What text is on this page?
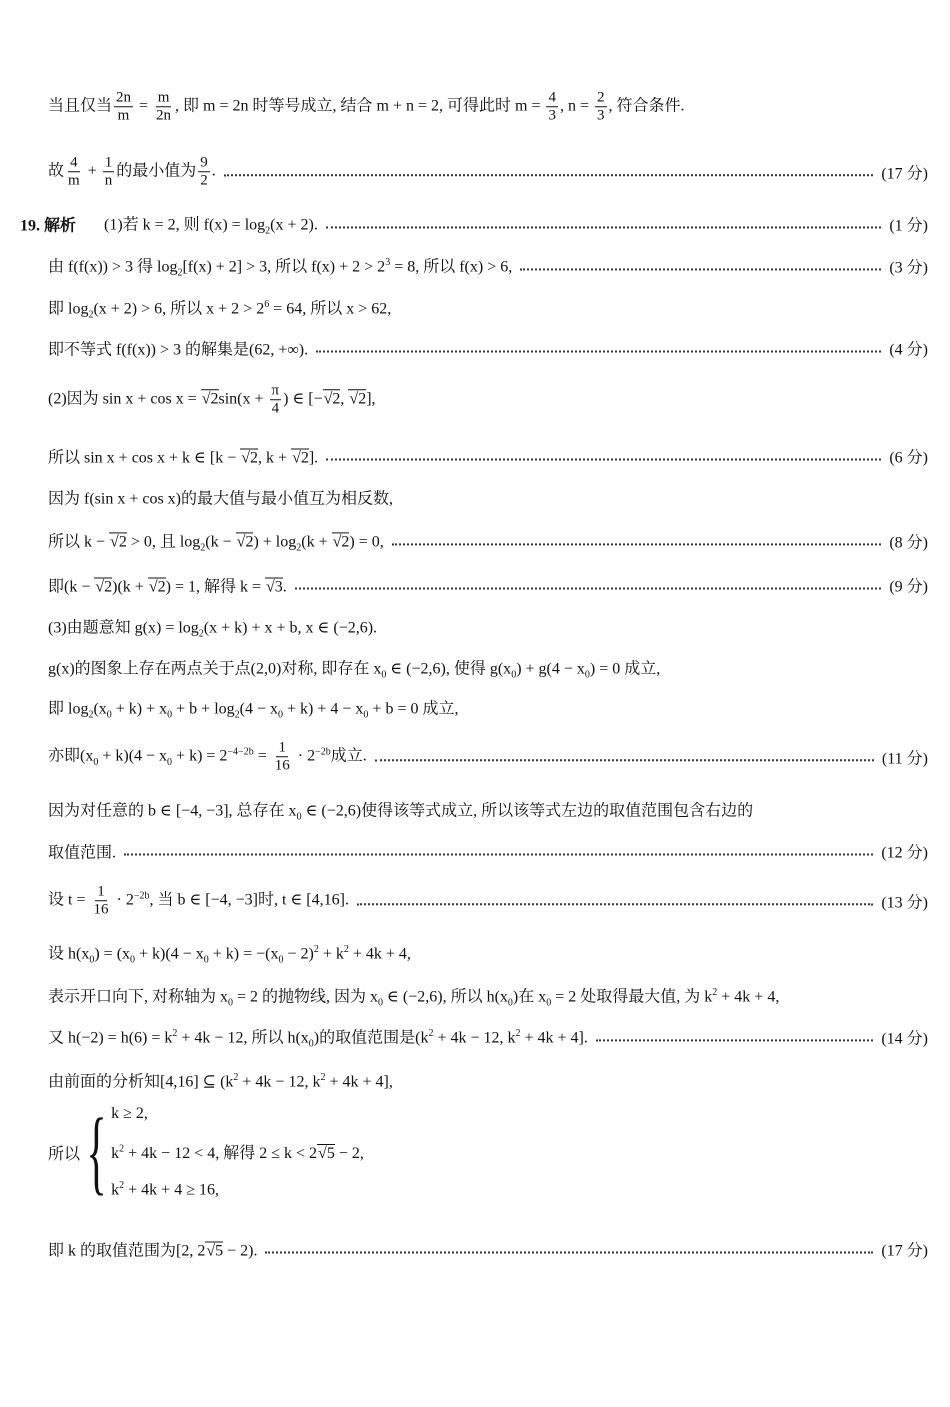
当且仅当 $\frac{2n}{m} = \frac{m}{2n}$ , 即 m = 2n 时等号成立, 结合 m + n = 2, 可得此时 $m = \frac{4}{3}$ , $n = \frac{2}{3}$ , 符合条件.
故 $\frac{4}{m} + \frac{1}{n}$ 的最小值为 $\frac{9}{2}$ .	(17 分)
19. 解析 (1)若 k = 2, 则 $f(x) = \log_2(x + 2)$.	(1 分)
由 f(f(x)) > 3 得 $\log_2[f(x) + 2] > 3$, 所以 $f(x) + 2 > 2^3 = 8$, 所以 f(x) > 6,	(3 分)
即 $\log_2(x + 2) > 6$, 所以 $x + 2 > 2^6 = 64$, 所以 x > 62,
即不等式 f(f(x)) > 3 的解集是(62, +∞).	(4 分)
(2)因为 sin x + cos x = √ $2\sin(x + \frac{\pi}{4}$ ) ∈ [− √ 2, √ 2],
所以 sin x + cos x + k ∈ [k − √ 2, k + √ 2].	(6 分)
因为 f(sin x + cos x)的最大值与最小值互为相反数,
所以 k − √ 2 > 0, 且 $\log_2(k$ − √ $2) + \log_2(k$ + √ 2) = 0,	(8 分)
即(k − √ 2)(k + √ 2) = 1, 解得 k = √ 3.	(9 分)
(3)由题意知 $g(x) = \log_2(x + k) + x + b$, x ∈ (−2,6).
g(x)的图象上存在两点关于点(2,0)对称, 即存在 $x_0$ ∈ (−2,6), 使得 $g(x_0) + g(4 - x_0) = 0$ 成立,
即 $\log_2(x_0 + k) + x_0 + b + \log_2(4 - x_0 + k) + 4 - x_0 + b = 0$ 成立,
亦即$(x_0 + k)(4 - x_0 + k) = 2^{-4-2b} = \frac{1}{16} \cdot 2^{-2b}$成立.	(11 分)
因为对任意的 b ∈ [−4, −3], 总存在 $x_0$ ∈ (−2,6)使得该等式成立, 所以该等式左边的取值范围包含右边的
取值范围.	(12 分)
设 $t = \frac{1}{16} \cdot 2^{-2b}$, 当 b ∈ [−4, −3]时, t ∈ [4,16].	(13 分)
设 $h(x_0) = (x_0 + k)(4 - x_0 + k) = -(x_0 - 2)^2 + k^2 + 4k + 4$,
表示开口向下, 对称轴为 $x_0 = 2$ 的抛物线, 因为 $x_0$ ∈ (−2,6), 所以 $h(x_0)$在 $x_0 = 2$ 处取得最大值, 为 $k^2 + 4k + 4$,
又 $h(-2) = h(6) = k^2 + 4k - 12$, 所以 $h(x_0)$的取值范围是($k^2 + 4k - 12$, $k^2 + 4k + 4$].	(14 分)
由前面的分析知[4,16] ⊆ ($k^2 + 4k - 12$, $k^2 + 4k + 4$],
即 k 的取值范围为[2, 2 √ 5 − 2).	(17 分)
所以 { k ≥ 2,
$k^2 + 4k - 12 < 4$, 解得 2 ≤ k < 2 √ 5 − 2,
$k^2 + 4k + 4 \ge 16$,
